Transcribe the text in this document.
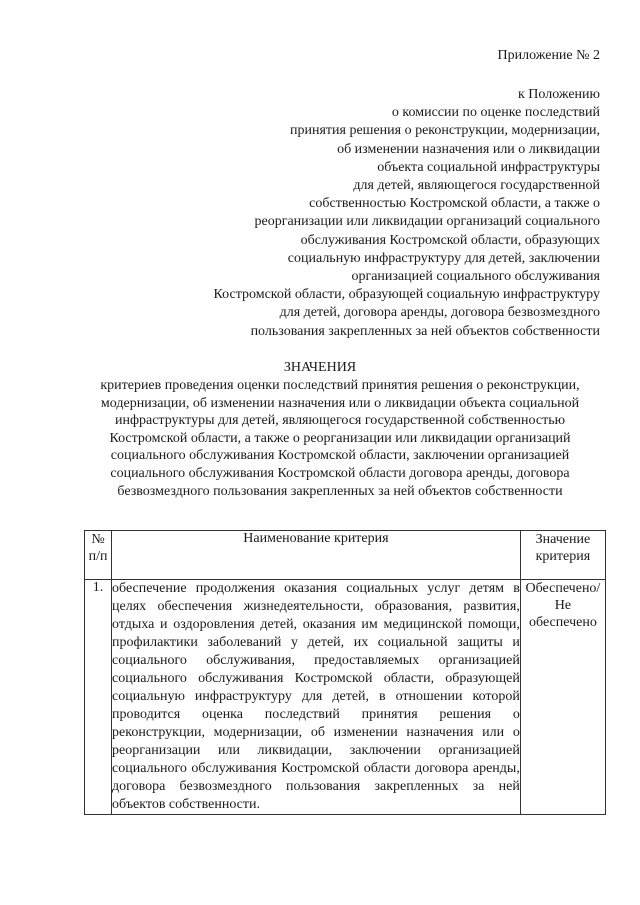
Приложение № 2
к Положению
о комиссии по оценке последствий
принятия решения о реконструкции, модернизации,
об изменении назначения или о ликвидации
объекта социальной инфраструктуры
для детей, являющегося государственной
собственностью Костромской области, а также о
реорганизации или ликвидации организаций социального
обслуживания Костромской области, образующих
социальную инфраструктуру для детей, заключении
организацией социального обслуживания
Костромской области, образующей социальную инфраструктуру
для детей, договора аренды, договора безвозмездного
пользования закрепленных за ней объектов собственности
ЗНАЧЕНИЯ
критериев проведения оценки последствий принятия решения о реконструкции,
модернизации, об изменении назначения или о ликвидации объекта социальной
инфраструктуры для детей, являющегося государственной собственностью
Костромской области, а также о реорганизации или ликвидации организаций
социального обслуживания Костромской области, заключении организацией
социального обслуживания Костромской области договора аренды, договора
безвозмездного пользования закрепленных за ней объектов собственности
№ п/п	Наименование критерия	Значение критерия
1.	обеспечение продолжения оказания социальных услуг детям в целях обеспечения жизнедеятельности, образования, развития, отдыха и оздоровления детей, оказания им медицинской помощи, профилактики заболеваний у детей, их социальной защиты и социального обслуживания, предоставляемых организацией социального обслуживания Костромской области, образующей социальную инфраструктуру для детей, в отношении которой проводится оценка последствий принятия решения о реконструкции, модернизации, об изменении назначения или о реорганизации или ликвидации, заключении организацией социального обслуживания Костромской области договора аренды, договора безвозмездного пользования закрепленных за ней объектов собственности.	Обеспечено/ Не обеспечено
